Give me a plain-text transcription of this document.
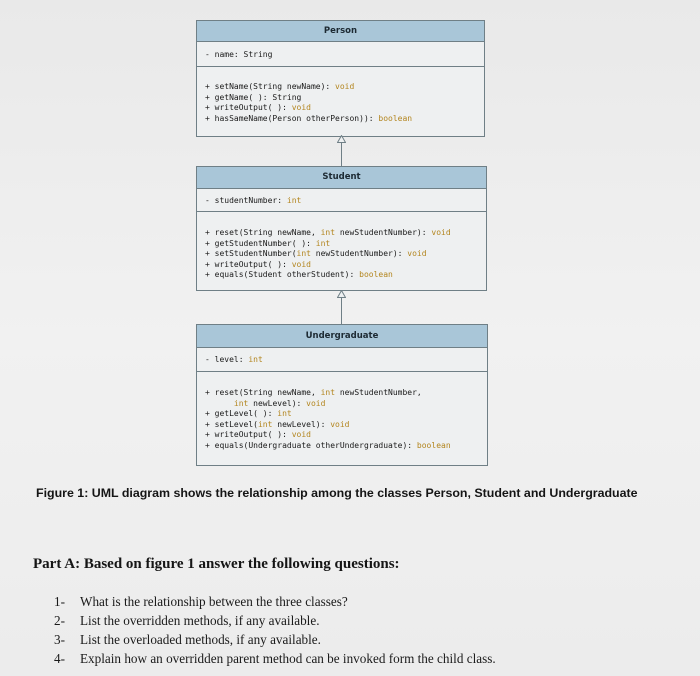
Person
- name: String
+ setName(String newName): void
+ getName( ): String
+ writeOutput( ): void
+ hasSameName(Person otherPerson)): boolean
Student
- studentNumber: int
+ reset(String newName, int newStudentNumber): void
+ getStudentNumber( ): int
+ setStudentNumber(int newStudentNumber): void
+ writeOutput( ): void
+ equals(Student otherStudent): boolean
Undergraduate
- level: int
+ reset(String newName, int newStudentNumber,
int newLevel): void
+ getLevel( ): int
+ setLevel(int newLevel): void
+ writeOutput( ): void
+ equals(Undergraduate otherUndergraduate): boolean
Figure 1: UML diagram shows the relationship among the classes Person, Student and Undergraduate
Part A: Based on figure 1 answer the following questions:
1-	What is the relationship between the three classes?
2-	List the overridden methods, if any available.
3-	List the overloaded methods, if any available.
4-	Explain how an overridden parent method can be invoked form the child class.
